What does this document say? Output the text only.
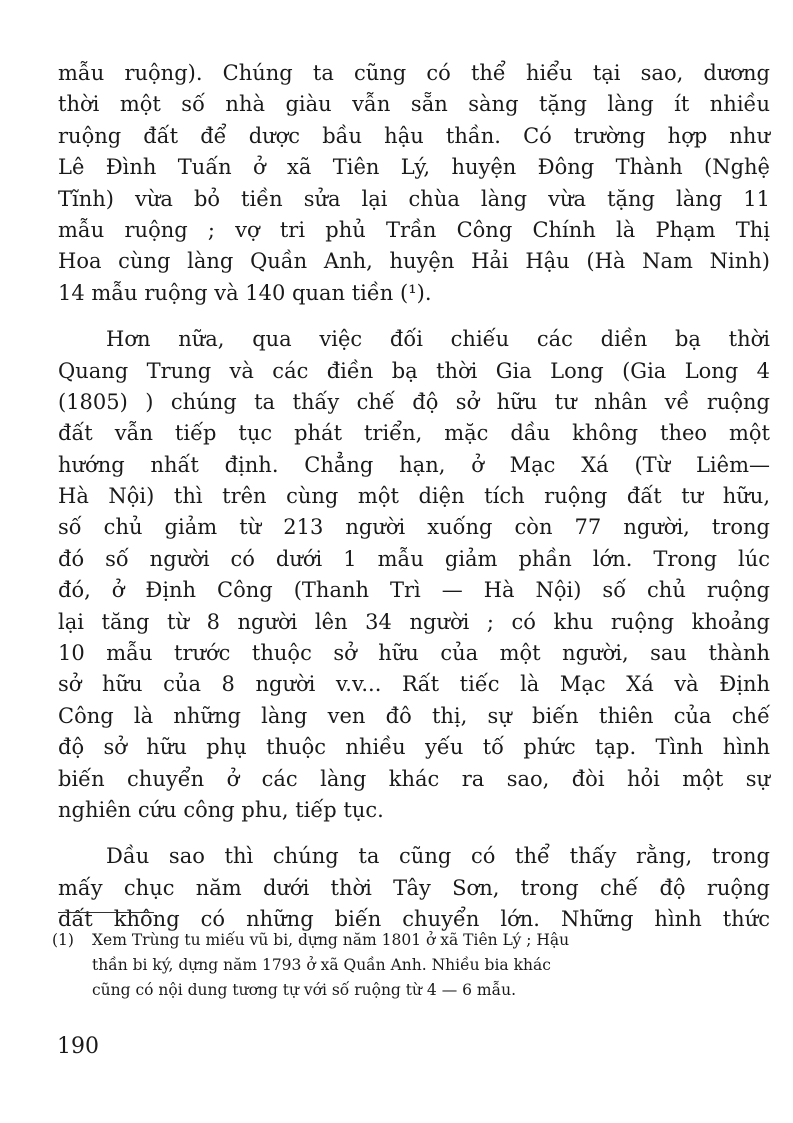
mẫu ruộng). Chúng ta cũng có thể hiểu tại sao, dương
thời một số nhà giàu vẫn sẵn sàng tặng làng ít nhiều
ruộng đất để dược bầu hậu thần. Có trường hợp như
Lê Đình Tuấn ở xã Tiên Lý, huyện Đông Thành (Nghệ
Tĩnh) vừa bỏ tiền sửa lại chùa làng vừa tặng làng 11
mẫu ruộng ; vợ tri phủ Trần Công Chính là Phạm Thị
Hoa cùng làng Quần Anh, huyện Hải Hậu (Hà Nam Ninh)
14 mẫu ruộng và 140 quan tiền (¹).
Hơn nữa, qua việc đối chiếu các diền bạ thời
Quang Trung và các điền bạ thời Gia Long (Gia Long 4
(1805) ) chúng ta thấy chế độ sở hữu tư nhân về ruộng
đất vẫn tiếp tục phát triển, mặc dầu không theo một
hướng nhất định. Chẳng hạn, ở Mạc Xá (Từ Liêm—
Hà Nội) thì trên cùng một diện tích ruộng đất tư hữu,
số chủ giảm từ 213 người xuống còn 77 người, trong
đó số người có dưới 1 mẫu giảm phần lớn. Trong lúc
đó, ở Định Công (Thanh Trì — Hà Nội) số chủ ruộng
lại tăng từ 8 người lên 34 người ; có khu ruộng khoảng
10 mẫu trước thuộc sở hữu của một người, sau thành
sở hữu của 8 người v.v... Rất tiếc là Mạc Xá và Định
Công là những làng ven đô thị, sự biến thiên của chế
độ sở hữu phụ thuộc nhiều yếu tố phức tạp. Tình hình
biến chuyển ở các làng khác ra sao, đòi hỏi một sự
nghiên cứu công phu, tiếp tục.
Dầu sao thì chúng ta cũng có thể thấy rằng, trong
mấy chục năm dưới thời Tây Sơn, trong chế độ ruộng
đất không có những biến chuyển lớn. Những hình thức
(1) Xem Trùng tu miếu vũ bi, dựng năm 1801 ở xã Tiên Lý ; Hậu
thần bi ký, dựng năm 1793 ở xã Quần Anh. Nhiều bia khác
cũng có nội dung tương tự với số ruộng từ 4 — 6 mẫu.
190
